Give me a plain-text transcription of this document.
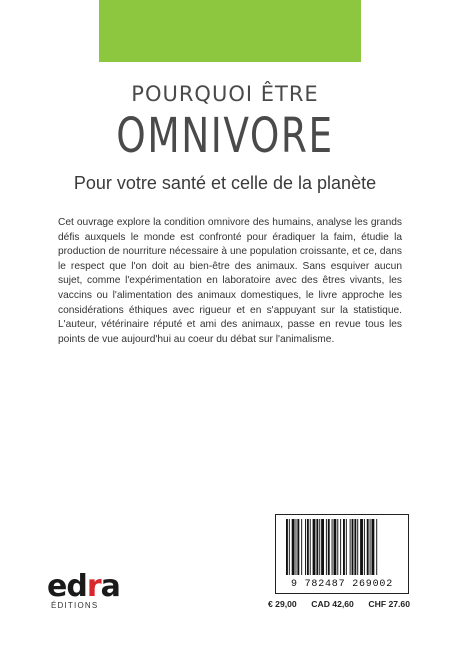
POURQUOI ÊTRE
OMNIVORE
Pour votre santé et celle de la planète

Cet ouvrage explore la condition omnivore des humains, analyse les grands défis auxquels le monde est confronté pour éradiquer la faim, étudie la production de nourriture nécessaire à une population croissante, et ce, dans le respect que l'on doit au bien-être des animaux. Sans esquiver aucun sujet, comme l'expérimentation en laboratoire avec des êtres vivants, les vaccins ou l'alimentation des animaux domestiques, le livre approche les considérations éthiques avec rigueur et en s'appuyant sur la statistique. L'auteur, vétérinaire réputé et ami des animaux, passe en revue tous les points de vue aujourd'hui au coeur du débat sur l'animalisme.

edra
ÉDITIONS
9 782487 269002
€ 29,00 CAD 42,60 CHF 27.60
